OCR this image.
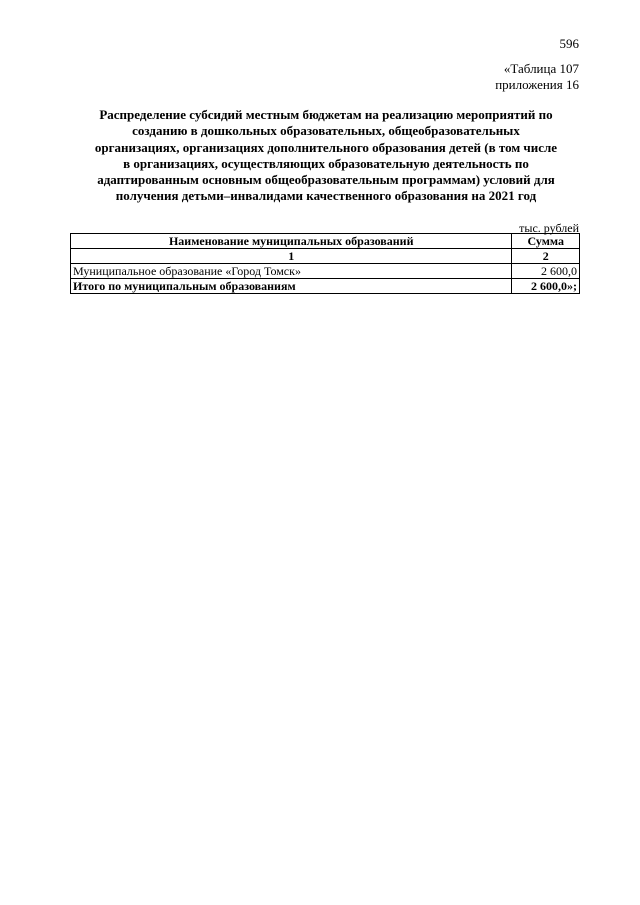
596
«Таблица 107
приложения 16
Распределение субсидий местным бюджетам на реализацию мероприятий по
созданию в дошкольных образовательных, общеобразовательных
организациях, организациях дополнительного образования детей (в том числе
в организациях, осуществляющих образовательную деятельность по
адаптированным основным общеобразовательным программам) условий для
получения детьми–инвалидами качественного образования на 2021 год
тыс. рублей
Наименование муниципальных образований	Сумма
1	2
Муниципальное образование «Город Томск»	2 600,0
Итого по муниципальным образованиям	2 600,0»;
